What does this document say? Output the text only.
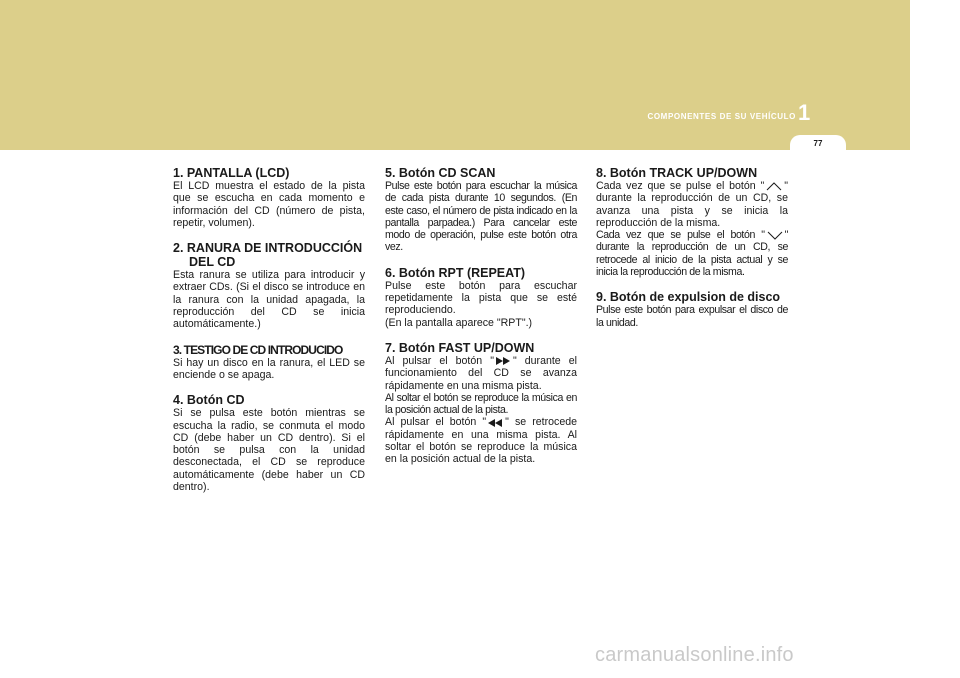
COMPONENTES DE SU VEHÍCULO 1
77
1. PANTALLA (LCD)

El LCD muestra el estado de la pista que se escucha en cada momento e información del CD (número de pista, repetir, volumen).

2. RANURA DE INTRODUCCIÓN
DEL CD

Esta ranura se utiliza para introducir y extraer CDs. (Si el disco se introduce en la ranura con la unidad apagada, la reproducción del CD se inicia automáticamente.)

3. TESTIGO DE CD INTRODUCIDO

Si hay un disco en la ranura, el LED se enciende o se apaga.

4. Botón CD

Si se pulsa este botón mientras se escucha la radio, se conmuta el modo CD (debe haber un CD dentro). Si el botón se pulsa con la unidad desconectada, el CD se reproduce automáticamente (debe haber un CD dentro).

5. Botón CD SCAN

Pulse este botón para escuchar la música de cada pista durante 10 segundos. (En este caso, el número de pista indicado en la pantalla parpadea.) Para cancelar este modo de operación, pulse este botón otra vez.

6. Botón RPT (REPEAT)

Pulse este botón para escuchar repetidamente la pista que se esté reproduciendo.

(En la pantalla aparece "RPT".)

7. Botón FAST UP/DOWN

Al pulsar el botón " " durante el funcionamiento del CD se avanza rápidamente en una misma pista.

Al soltar el botón se reproduce la música en la posición actual de la pista.

Al pulsar el botón " " se retrocede rápidamente en una misma pista. Al soltar el botón se reproduce la música en la posición actual de la pista.

8. Botón TRACK UP/DOWN

Cada vez que se pulse el botón " " durante la reproducción de un CD, se avanza una pista y se inicia la reproducción de la misma.

Cada vez que se pulse el botón " " durante la reproducción de un CD, se retrocede al inicio de la pista actual y se inicia la reproducción de la misma.

9. Botón de expulsion de disco

Pulse este botón para expulsar el disco de la unidad.

carmanualsonline.info
